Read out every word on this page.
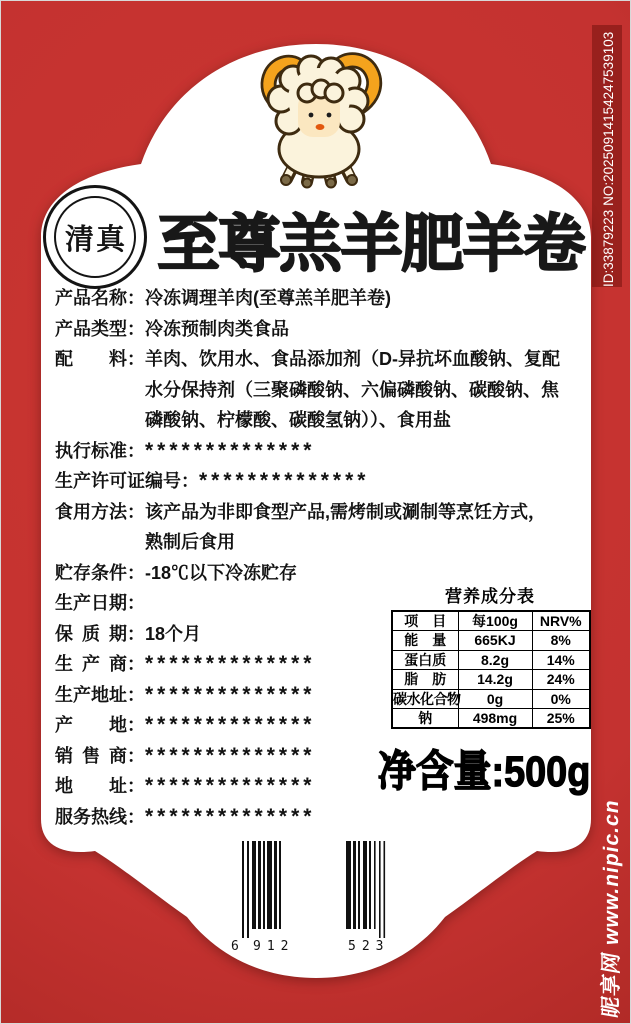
清真 至尊羔羊肥羊卷
产品名称 ： 冷冻调理羊肉(至尊羔羊肥羊卷)
产品类型 ： 冷冻预制肉类食品
配料 ： 羊肉、饮用水、食品添加剂（D-异抗坏血酸钠、复配
水分保持剂（三聚磷酸钠、六偏磷酸钠、碳酸钠、焦
磷酸钠、柠檬酸、碳酸氢钠））、食用盐
执行标准 ： **************
生产许可证编号 ： **************
食用方法 ： 该产品为非即食型产品,需烤制或涮制等烹饪方式，
熟制后食用
贮存条件 ： -18℃以下冷冻贮存
生产日期 ：
保质期 ： 18个月
生产商 ： **************
生产地址 ： **************
产地 ： **************
销售商 ： **************
地址 ： **************
服务热线 ： **************
营养成分表
项　目	每100g	NRV%
能　量	665KJ	8%
蛋白质	8.2g	14%
脂　肪	14.2g	24%
碳水化合物	0g	0%
钠	498mg	25%
净含量:500g
6 912	523
ID:33879223 NO:20250914154247539103
昵享网 www.nipic.cn
